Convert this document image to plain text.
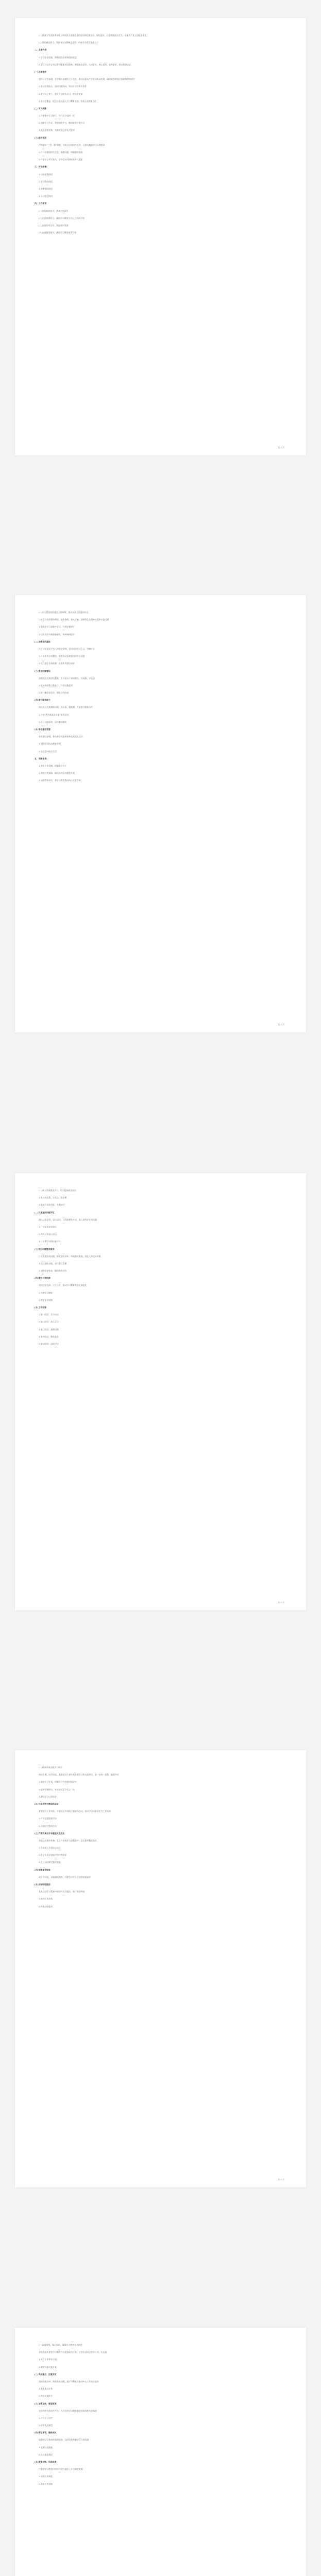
(二)教育引导各级领导班子和领导干部强化党的意识和纪律意识、规矩意识，自觉增强政治定力，永葆共产党人的政治本色
(三)强化政治担当，发挥党员先锋模范作用，形成学习教育整体合力
二、主要内容
1.学习党章党规，增强党性修养和组织观念
2.学习习近平总书记系列重要讲话精神，增强政治意识、大局意识、核心意识、看齐意识，坚定理想信念
(一)总体要求
坚持以学为基础，在学懂弄通做实上下功夫，推动全面从严治党向纵深发展，确保党的路线方针政策贯彻落实
1.坚持学用结合，坚持问题导向，突出针对性和实效性
2.坚持以上率下，领导干部带头学习、带头讲党课
3.坚持全覆盖，把全体党员纳入学习教育范围，坚持正面教育为主
(二)学习安排
1.开展集中学习研讨，每月至少组织一次
2.创新学习方式，利用网络平台、微信群等开展学习
3.组织专题党课，党组织书记带头讲党课
(三)组织生活
严格落实“三会一课”制度，按时召开组织生活会，认真开展批评与自我批评
1.召开专题组织生活会，查摆问题，明确整改措施
2.开展民主评议党员，引导党员对照标准查找差距
三、方法步骤
1.动员部署阶段
2.学习教育阶段
3.查摆整改阶段
4.总结提升阶段
四、工作要求
(一)加强组织领导，落实工作责任
(二)注重统筹结合，确保学习教育与中心工作两不误
(三)加强宣传引导，营造良好氛围
(四)加强督促指导，确保学习教育取得实效
第 1 页
(一)学习贯彻党的理论方针政策，推动各项工作落到实处
认真学习党的基本理论、基本路线、基本方略，深刻领会其精神实质和丰富内涵
1.组织党员干部集中学习，开展专题研讨
2.结合实际开展调查研究，形成调研报告
(二)加强作风建设
持之以恒落实中央八项规定精神，坚决纠治形式主义、官僚主义
1.开展作风专项整治，聚焦群众反映强烈的突出问题
2.建立健全长效机制，巩固作风建设成果
(三)强化纪律意识
加强党章党规党纪教育，引导党员干部知敬畏、存戒惧、守底线
1.组织观看警示教育片，开展以案促改
2.签订廉洁承诺书，强化自我约束
(四)提升服务能力
围绕群众急难愁盼问题，办实事、解难题，不断提升服务水平
1.开展“我为群众办实事”实践活动
2.建立问题清单，逐项跟踪落实
(五)推进基层党建
夯实基层基础，推动基层党组织标准化规范化建设
1.加强党员队伍教育管理
2.规范党内政治生活
五、保障措施
1.健全工作机制，明确责任分工
2.强化经费保障，确保各项活动顺利开展
3.加强考核评价，将学习教育情况纳入年度考核
第 2 页
(一)深入开展理论学习，切实提高政治站位
1.坚持读原著、学原文、悟原理
2.组织开展读书班、专题辅导
(二)认真查找问题不足
通过征求意见、谈心谈话、自我查摆等方式，深入查找存在的问题
1.广泛征求意见建议
2.深入开展谈心谈话
3.认真撰写对照检查材料
(三)抓好问题整改落实
针对查摆出的问题，制定整改清单，明确整改措施、责任人和完成时限
1.建立整改台账，实行销号管理
2.加强督促检查，确保整改到位
(四)建立长效机制
坚持边学边改、立行立改，推动学习教育常态化制度化
1.完善学习制度
2.健全监督机制
(五)工作安排
1.第一阶段：学习动员
2.第二阶段：深入学习
3.第三阶段：查摆问题
4.第四阶段：整改落实
5.第五阶段：总结评估
第 3 页
(一)认真开展专题学习研讨
围绕主题，结合实际，组织党员干部开展专题学习和交流研讨，进一步统一思想、凝聚共识
1.制定学习计划，明确学习内容和时间安排
2.组织专题研讨，每名党员至少发言一次
3.撰写学习心得体会
(二)扎实开展主题实践活动
紧密结合工作实际，开展形式多样的主题实践活动，推动学习成果转化为工作成效
1.开展志愿服务活动
2.开展结对帮扶活动
(三)严肃认真召开专题组织生活会
会前认真做好准备，会上开展批评与自我批评，会后抓好整改落实
1.会前深入开展谈心谈话
2.会上认真开展批评和自我批评
3.会后及时制定整改措施
(四)加强督导检查
成立督导组，采取随机抽查、列席会议等方式加强督促指导
(五)总结经验做法
及时总结学习教育中的好经验好做法，推广典型经验
1.梳理工作成效
2.形成总结报告
第 4 页
(一)高度重视，精心组织，确保学习教育扎实推进
各级党组织要把学习教育作为重要政治任务，主要负责同志要亲自抓、负总责
1.成立工作领导小组
2.制定具体实施方案
(二)突出重点，注重实效
坚持问题导向，聚焦突出问题，把学习教育与推动中心工作结合起来
1.聚焦重点任务
2.突出关键环节
(三)加强宣传，营造氛围
充分利用各类宣传平台，大力宣传学习教育的进展成效和先进典型
1.开设学习专栏
2.选树先进典型
(四)强化督导，确保成效
加强对学习教育的督促检查，及时发现和解决存在的问题
1.定期开展督查
2.及时通报情况
(五)建章立制，巩固成果
注重把学习教育中的好经验好做法上升为制度机制
1.完善工作制度
2.落实长效机制
